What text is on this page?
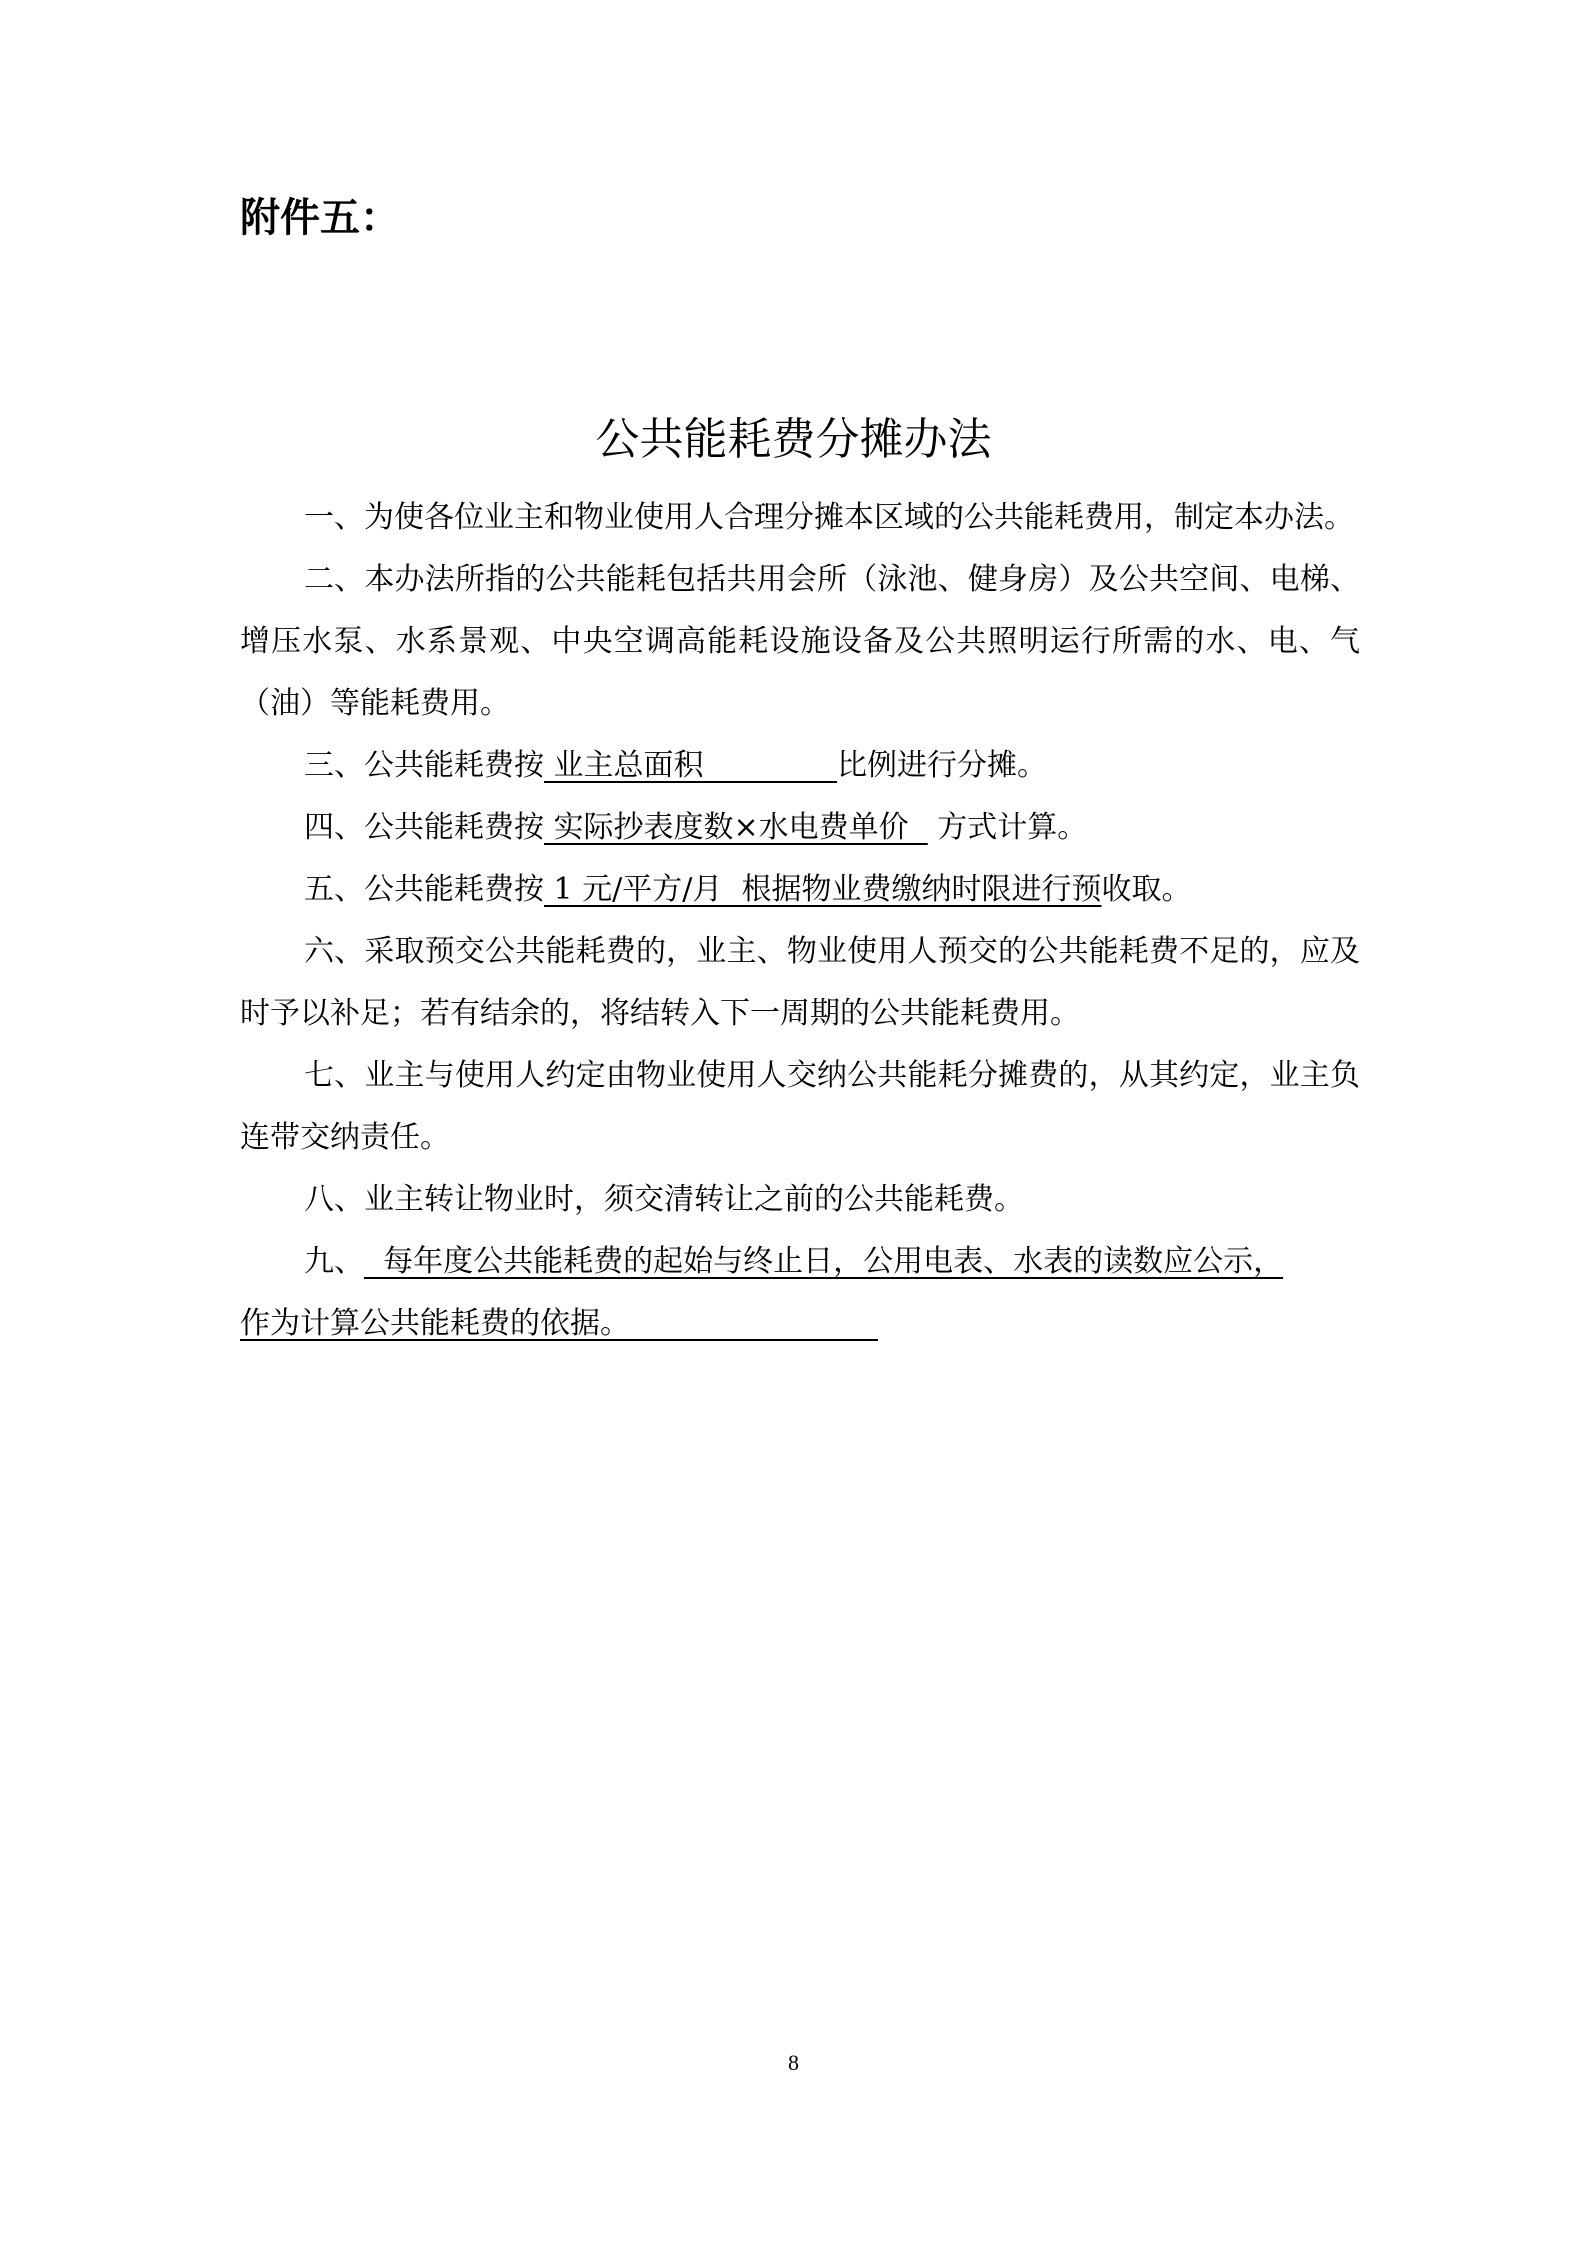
附件五：
公共能耗费分摊办法

一、为使各位业主和物业使用人合理分摊本区域的公共能耗费用，制定本办法。

二、本办法所指的公共能耗包括共用会所（泳池、健身房）及公共空间、电梯、增压水泵、水系景观、中央空调高能耗设施设备及公共照明运行所需的水、电、气（油）等能耗费用。

三、公共能耗费按 业主总面积              比例进行分摊。

四、公共能耗费按 实际抄表度数×水电费单价   方式计算。

五、公共能耗费按 1 元/平方/月  根据物业费缴纳时限进行预收取。

六、采取预交公共能耗费的，业主、物业使用人预交的公共能耗费不足的，应及时予以补足；若有结余的，将结转入下一周期的公共能耗费用。

七、业主与使用人约定由物业使用人交纳公共能耗分摊费的，从其约定，业主负连带交纳责任。

八、业主转让物业时，须交清转让之前的公共能耗费。

九、  每年度公共能耗费的起始与终止日，公用电表、水表的读数应公示，

作为计算公共能耗费的依据。

8
